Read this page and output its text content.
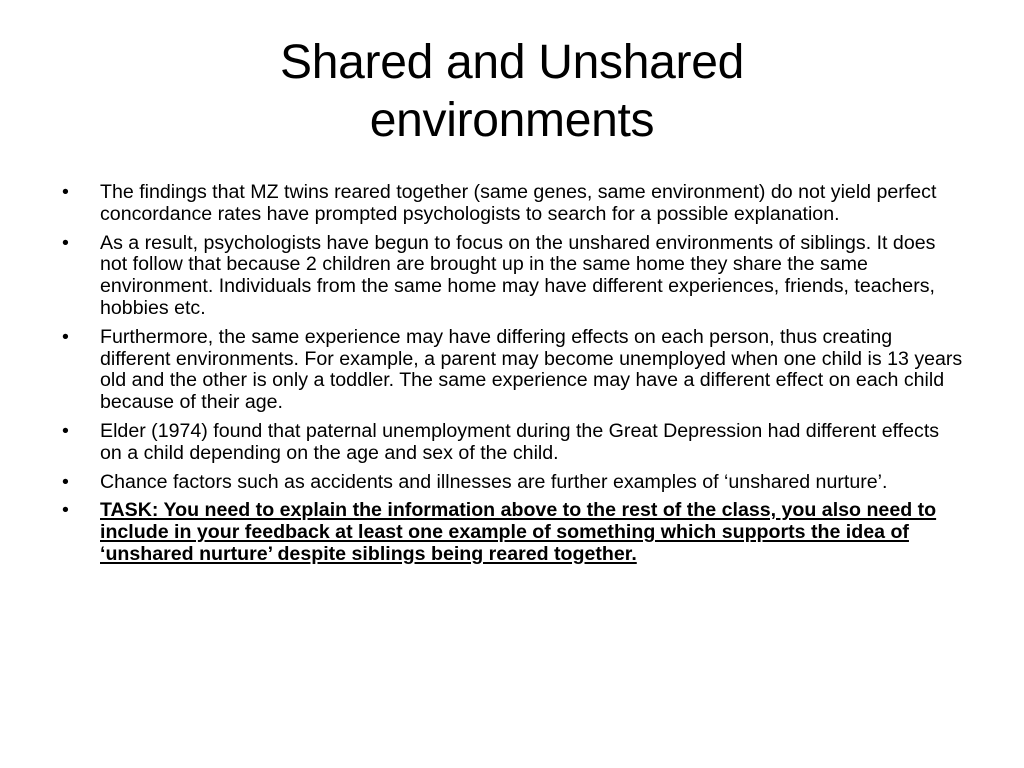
Shared and Unshared
environments
•	The findings that MZ twins reared together (same genes, same environment) do not yield perfect concordance rates have prompted psychologists to search for a possible explanation.
•	As a result, psychologists have begun to focus on the unshared environments of siblings. It does not follow that because 2 children are brought up in the same home they share the same environment. Individuals from the same home may have different experiences, friends, teachers, hobbies etc.
•	Furthermore, the same experience may have differing effects on each person, thus creating different environments. For example, a parent may become unemployed when one child is 13 years old and the other is only a toddler. The same experience may have a different effect on each child because of their age.
•	Elder (1974) found that paternal unemployment during the Great Depression had different effects on a child depending on the age and sex of the child.
•	Chance factors such as accidents and illnesses are further examples of ‘unshared nurture’.
•	TASK: You need to explain the information above to the rest of the class, you also need to include in your feedback at least one example of something which supports the idea of ‘unshared nurture’ despite siblings being reared together.
